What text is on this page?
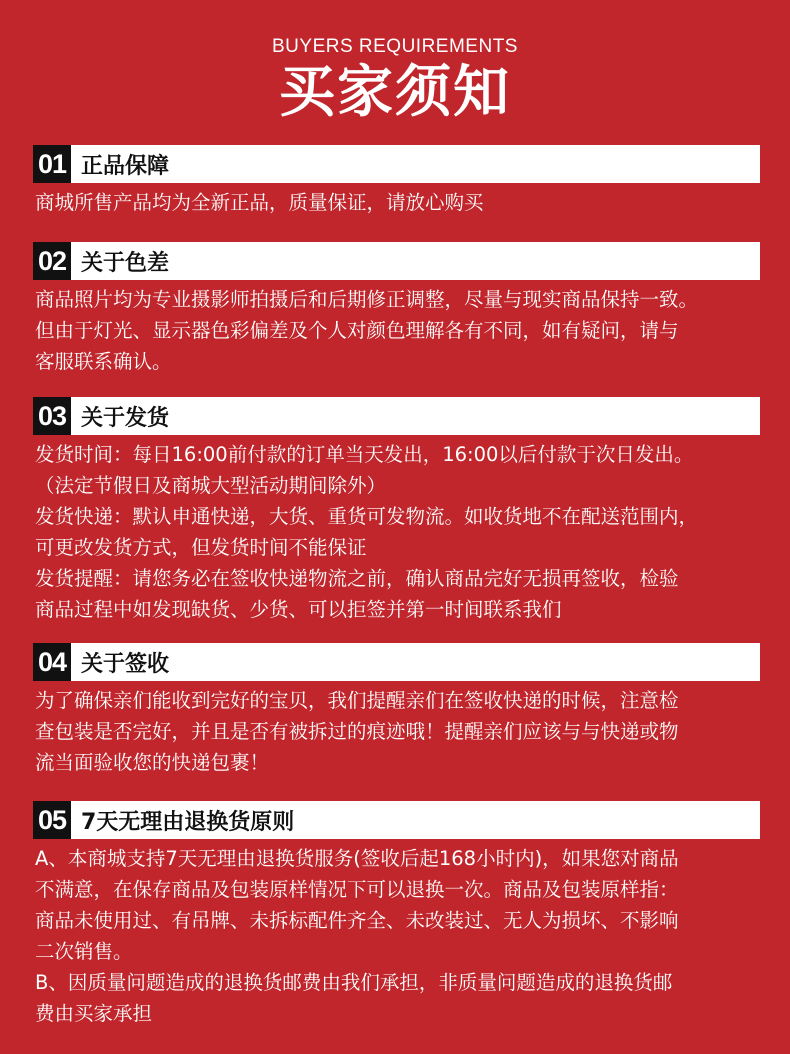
BUYERS REQUIREMENTS
买家须知
01 正品保障

商城所售产品均为全新正品，质量保证，请放心购买

02 关于色差

商品照片均为专业摄影师拍摄后和后期修正调整，尽量与现实商品保持一致。

但由于灯光、显示器色彩偏差及个人对颜色理解各有不同，如有疑问，请与

客服联系确认。

03 关于发货

发货时间：每日16:00前付款的订单当天发出，16:00以后付款于次日发出。

（法定节假日及商城大型活动期间除外）

发货快递：默认申通快递，大货、重货可发物流。如收货地不在配送范围内，

可更改发货方式，但发货时间不能保证

发货提醒：请您务必在签收快递物流之前，确认商品完好无损再签收，检验

商品过程中如发现缺货、少货、可以拒签并第一时间联系我们

04 关于签收

为了确保亲们能收到完好的宝贝，我们提醒亲们在签收快递的时候，注意检

查包装是否完好，并且是否有被拆过的痕迹哦！提醒亲们应该与与快递或物

流当面验收您的快递包裹！

05 7天无理由退换货原则

A、本商城支持7天无理由退换货服务(签收后起168小时内)，如果您对商品

不满意，在保存商品及包装原样情况下可以退换一次。商品及包装原样指：

商品未使用过、有吊牌、未拆标配件齐全、未改装过、无人为损坏、不影响

二次销售。

B、因质量问题造成的退换货邮费由我们承担，非质量问题造成的退换货邮

费由买家承担
